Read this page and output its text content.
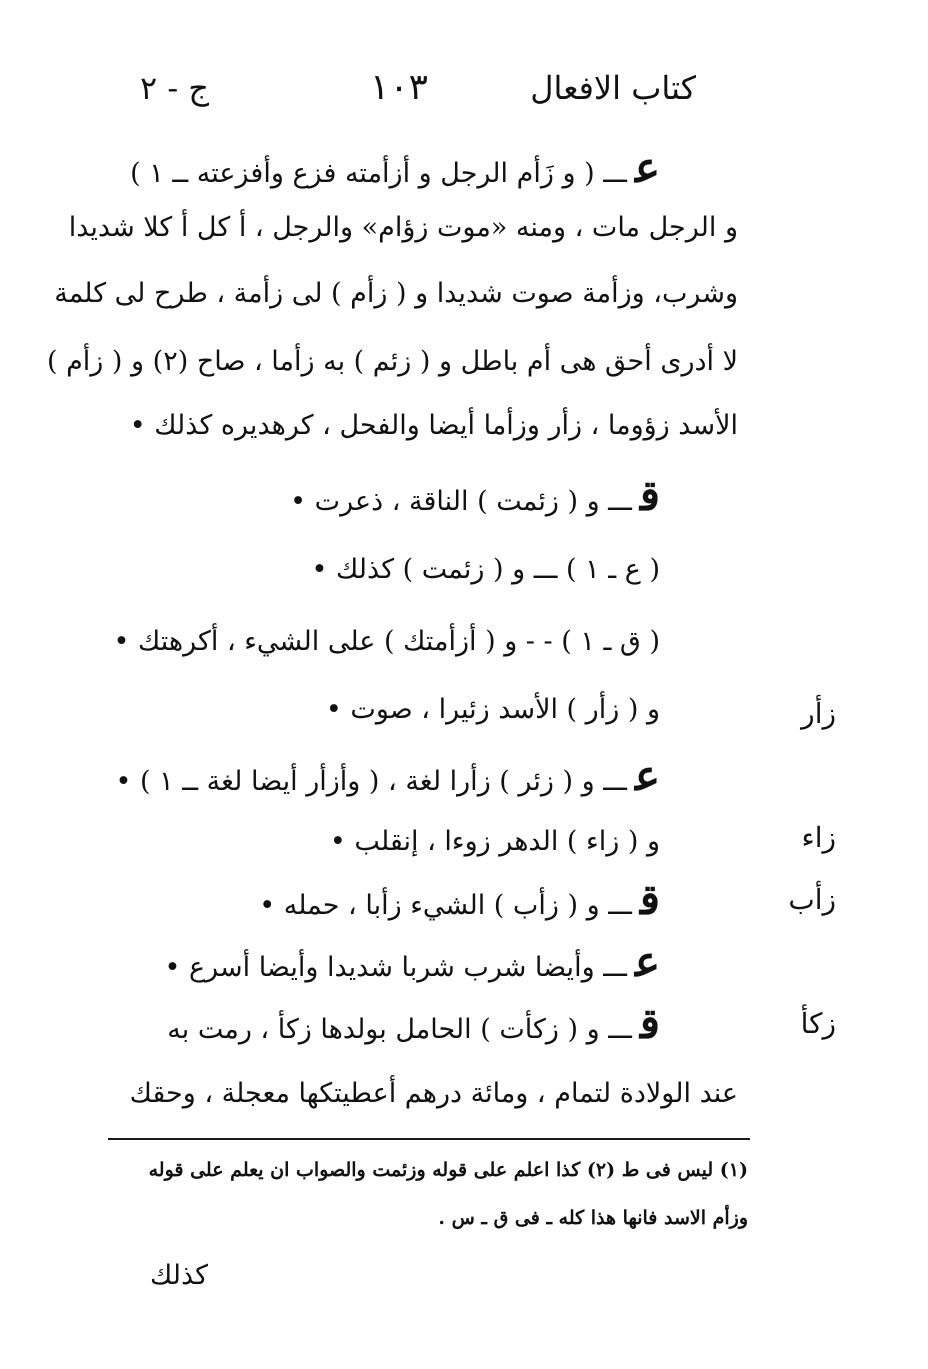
كتاب الافعال
١٠٣
ج - ٢
عـــ ( و زَأم الرجل و أزأمته فزع وأفزعته ــ ١ )
و الرجل مات ، ومنه «موت زؤام» والرجل ، أ كل أ كلا شديدا
وشرب، وزأمة صوت شديدا و ( زأم ) لى زأمة ، طرح لى كلمة
لا أدرى أحق هى أم باطل و ( زئم ) به زأما ، صاح (٢) و ( زأم )
الأسد زؤوما ، زأر وزأما أيضا والفحل ، كرهديره كذلك •
قـــ و ( زئمت ) الناقة ، ذعرت •
( ع ـ ١ ) ـــ و ( زئمت ) كذلك •
( ق ـ ١ ) - - و ( أزأمتك ) على الشيء ، أكرهتك •
و ( زأر ) الأسد زئيرا ، صوت •
عـــ و ( زئر ) زأرا لغة ، ( وأزأر أيضا لغة ــ ١ ) •
و ( زاء ) الدهر زوءا ، إنقلب •
قـــ و ( زأب ) الشيء زأبا ، حمله •
عـــ وأيضا شرب شربا شديدا وأيضا أسرع •
قـــ و ( زكأت ) الحامل بولدها زكأ ، رمت به
عند الولادة لتمام ، ومائة درهم أعطيتكها معجلة ، وحقك
زأر
زاء
زأب
زكأ
(١) ليس فى ط (٢) كذا اعلم على قوله وزئمت والصواب ان يعلم على قوله
وزأم الاسد فانها هذا كله ـ فى ق ـ س .
كذلك
